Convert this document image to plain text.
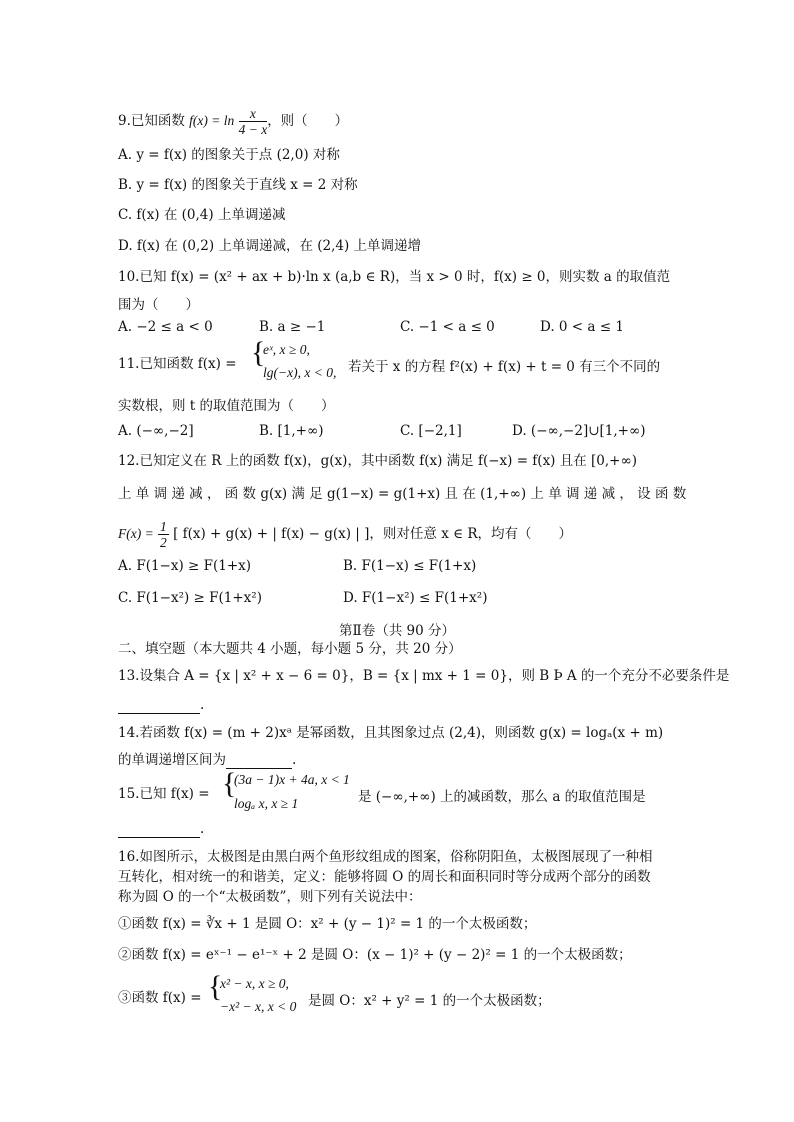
9.已知函数 $f(x) = \ln \frac{x}{4 - x}$ ，则（　　）
A. y = f(x) 的图象关于点 (2,0) 对称
B. y = f(x) 的图象关于直线 x = 2 对称
C. f(x) 在 (0,4) 上单调递减
D. f(x) 在 (0,2) 上单调递减，在 (2,4) 上单调递增
10.已知 f(x) = (x² + ax + b)·ln x (a,b ∈ R)，当 x > 0 时，f(x) ≥ 0，则实数 a 的取值范
围为（　　）
A. −2 ≤ a < 0	B. a ≥ −1	C. −1 < a ≤ 0	D. 0 < a ≤ 1
11.已知函数 f(x) = {
eˣ, x ≥ 0,
lg(−x), x < 0, 若关于 x 的方程 f²(x) + f(x) + t = 0 有三个不同的
实数根，则 t 的取值范围为（　　）
A. (−∞,−2]	B. [1,+∞)	C. [−2,1]	D. (−∞,−2]∪[1,+∞)
12.已知定义在 R 上的函数 f(x)，g(x)，其中函数 f(x) 满足 f(−x) = f(x) 且在 [0,+∞)
上 单 调 递 减 ， 函 数 g(x) 满 足 g(1−x) = g(1+x) 且 在 (1,+∞) 上 单 调 递 减 ， 设 函 数
$F(x) = \frac{1}{2}$ [ f(x) + g(x) + | f(x) − g(x) | ]，则对任意 x ∈ R，均有（　　）
A. F(1−x) ≥ F(1+x)	B. F(1−x) ≤ F(1+x)
C. F(1−x²) ≥ F(1+x²)	D. F(1−x²) ≤ F(1+x²)
第Ⅱ卷（共 90 分）
二、填空题（本大题共 4 小题，每小题 5 分，共 20 分）
13.设集合 A = {x | x² + x − 6 = 0}，B = {x | mx + 1 = 0}，则 B Þ A 的一个充分不必要条件是
.
14.若函数 f(x) = (m + 2)xᵃ 是幂函数，且其图象过点 (2,4)，则函数 g(x) = logₐ(x + m)
的单调递增区间为	.
15.已知 f(x) = {
(3a − 1)x + 4a, x < 1
logₐ x, x ≥ 1	是 (−∞,+∞) 上的减函数，那么 a 的取值范围是
.
16.如图所示，太极图是由黑白两个鱼形纹组成的图案，俗称阴阳鱼，太极图展现了一种相
互转化，相对统一的和谐美，定义：能够将圆 O 的周长和面积同时等分成两个部分的函数
称为圆 O 的一个“太极函数”，则下列有关说法中：
①函数 f(x) = ∛x + 1 是圆 O：x² + (y − 1)² = 1 的一个太极函数；
②函数 f(x) = eˣ⁻¹ − e¹⁻ˣ + 2 是圆 O：(x − 1)² + (y − 2)² = 1 的一个太极函数；
③函数 f(x) = {
x² − x, x ≥ 0,
−x² − x, x < 0 是圆 O：x² + y² = 1 的一个太极函数；
